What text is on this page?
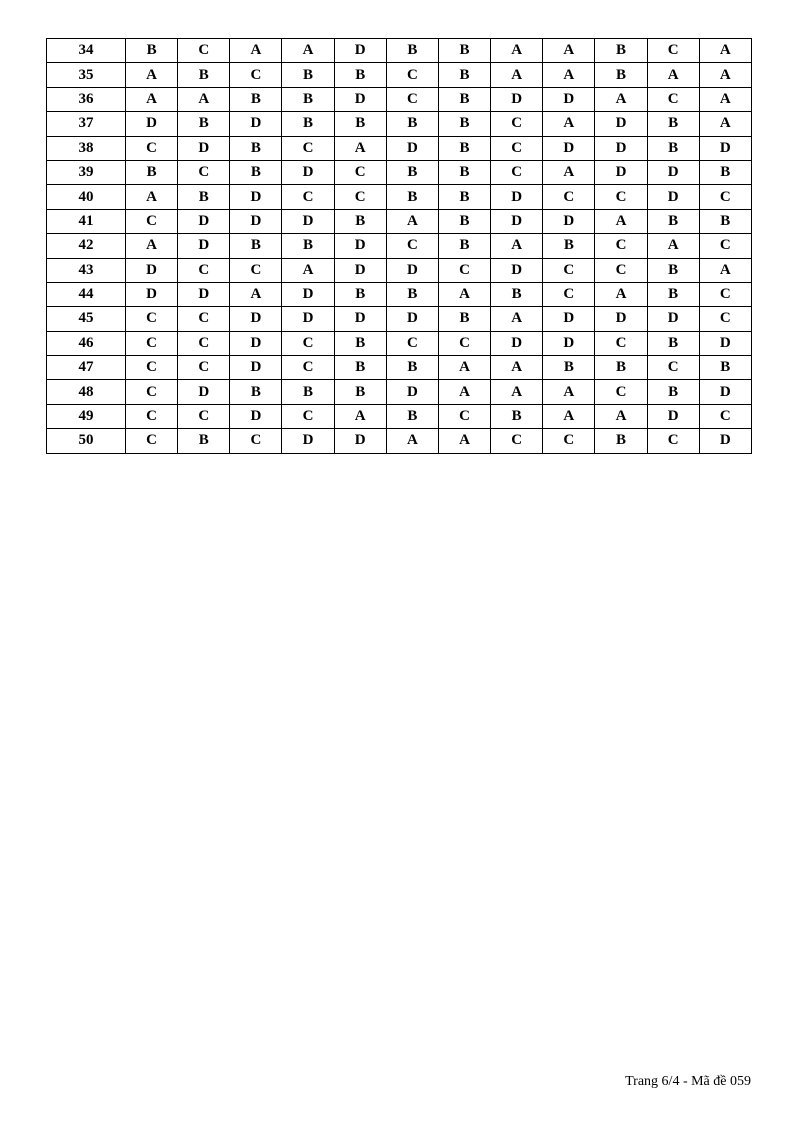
34	B	C	A	A	D	B	B	A	A	B	C	A
35	A	B	C	B	B	C	B	A	A	B	A	A
36	A	A	B	B	D	C	B	D	D	A	C	A
37	D	B	D	B	B	B	B	C	A	D	B	A
38	C	D	B	C	A	D	B	C	D	D	B	D
39	B	C	B	D	C	B	B	C	A	D	D	B
40	A	B	D	C	C	B	B	D	C	C	D	C
41	C	D	D	D	B	A	B	D	D	A	B	B
42	A	D	B	B	D	C	B	A	B	C	A	C
43	D	C	C	A	D	D	C	D	C	C	B	A
44	D	D	A	D	B	B	A	B	C	A	B	C
45	C	C	D	D	D	D	B	A	D	D	D	C
46	C	C	D	C	B	C	C	D	D	C	B	D
47	C	C	D	C	B	B	A	A	B	B	C	B
48	C	D	B	B	B	D	A	A	A	C	B	D
49	C	C	D	C	A	B	C	B	A	A	D	C
50	C	B	C	D	D	A	A	C	C	B	C	D
Trang 6/4 - Mã đề 059
